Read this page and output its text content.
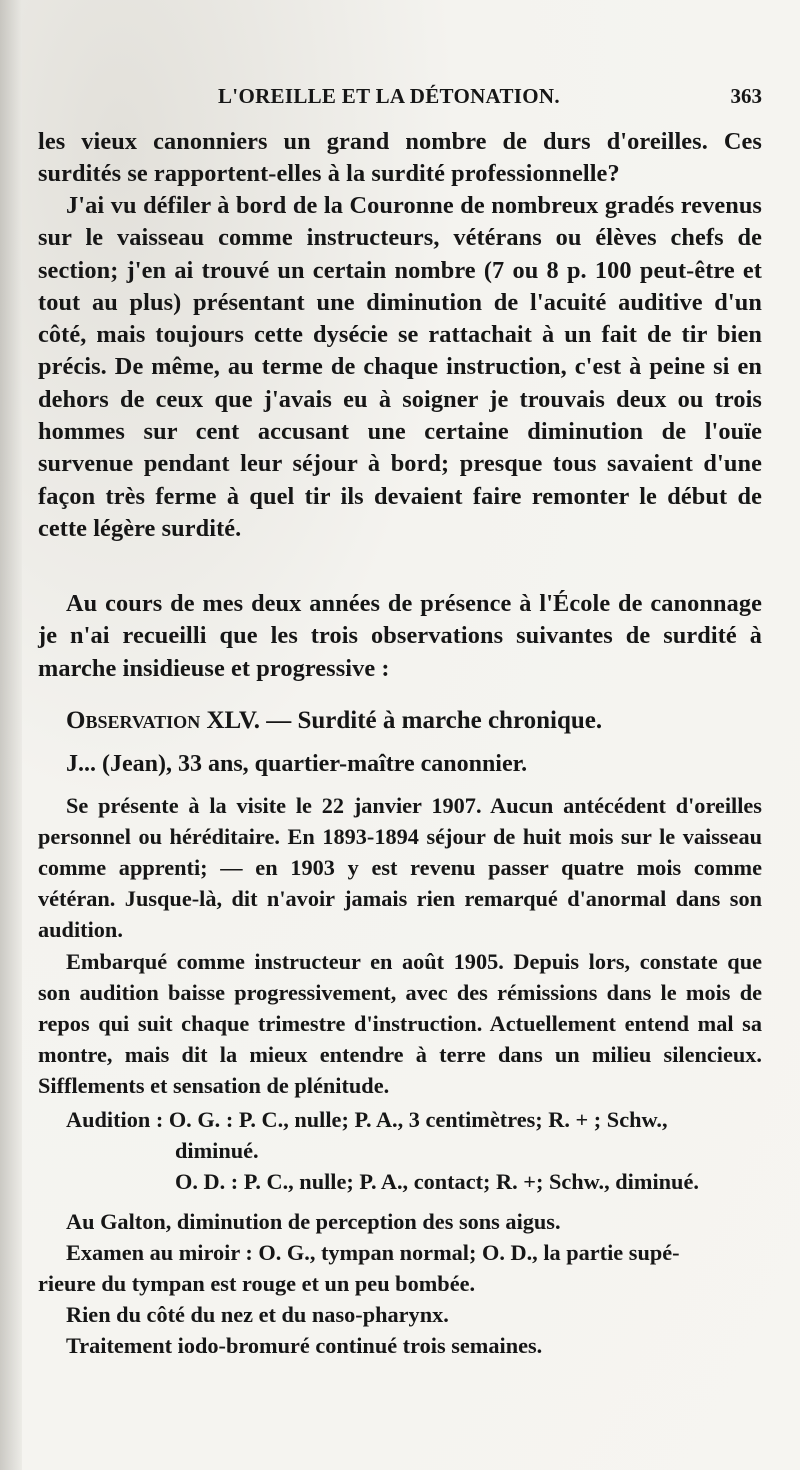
L'OREILLE ET LA DÉTONATION.	363

les vieux canonniers un grand nombre de durs d'oreilles. Ces surdités se rapportent-elles à la surdité professionnelle?

J'ai vu défiler à bord de la Couronne de nombreux gradés revenus sur le vaisseau comme instructeurs, vétérans ou élèves chefs de section; j'en ai trouvé un certain nombre (7 ou 8 p. 100 peut-être et tout au plus) présentant une diminution de l'acuité auditive d'un côté, mais toujours cette dysécie se rattachait à un fait de tir bien précis. De même, au terme de chaque instruction, c'est à peine si en dehors de ceux que j'avais eu à soigner je trouvais deux ou trois hommes sur cent accusant une certaine diminution de l'ouïe survenue pendant leur séjour à bord; presque tous savaient d'une façon très ferme à quel tir ils devaient faire remonter le début de cette légère surdité.

Au cours de mes deux années de présence à l'École de canonnage je n'ai recueilli que les trois observations suivantes de surdité à marche insidieuse et progressive :

Observation XLV. — Surdité à marche chronique.
J... (Jean), 33 ans, quartier-maître canonnier.

Se présente à la visite le 22 janvier 1907. Aucun antécédent d'oreilles personnel ou héréditaire. En 1893-1894 séjour de huit mois sur le vaisseau comme apprenti; — en 1903 y est revenu passer quatre mois comme vétéran. Jusque-là, dit n'avoir jamais rien remarqué d'anormal dans son audition.

Embarqué comme instructeur en août 1905. Depuis lors, constate que son audition baisse progressivement, avec des rémissions dans le mois de repos qui suit chaque trimestre d'instruction. Actuellement entend mal sa montre, mais dit la mieux entendre à terre dans un milieu silencieux. Sifflements et sensation de plénitude.

Audition : O. G. : P. C., nulle; P. A., 3 centimètres; R. + ; Schw.,
diminué.
O. D. : P. C., nulle; P. A., contact; R. +; Schw., diminué.
Au Galton, diminution de perception des sons aigus.
Examen au miroir : O. G., tympan normal; O. D., la partie supé-
rieure du tympan est rouge et un peu bombée.
Rien du côté du nez et du naso-pharynx.
Traitement iodo-bromuré continué trois semaines.
